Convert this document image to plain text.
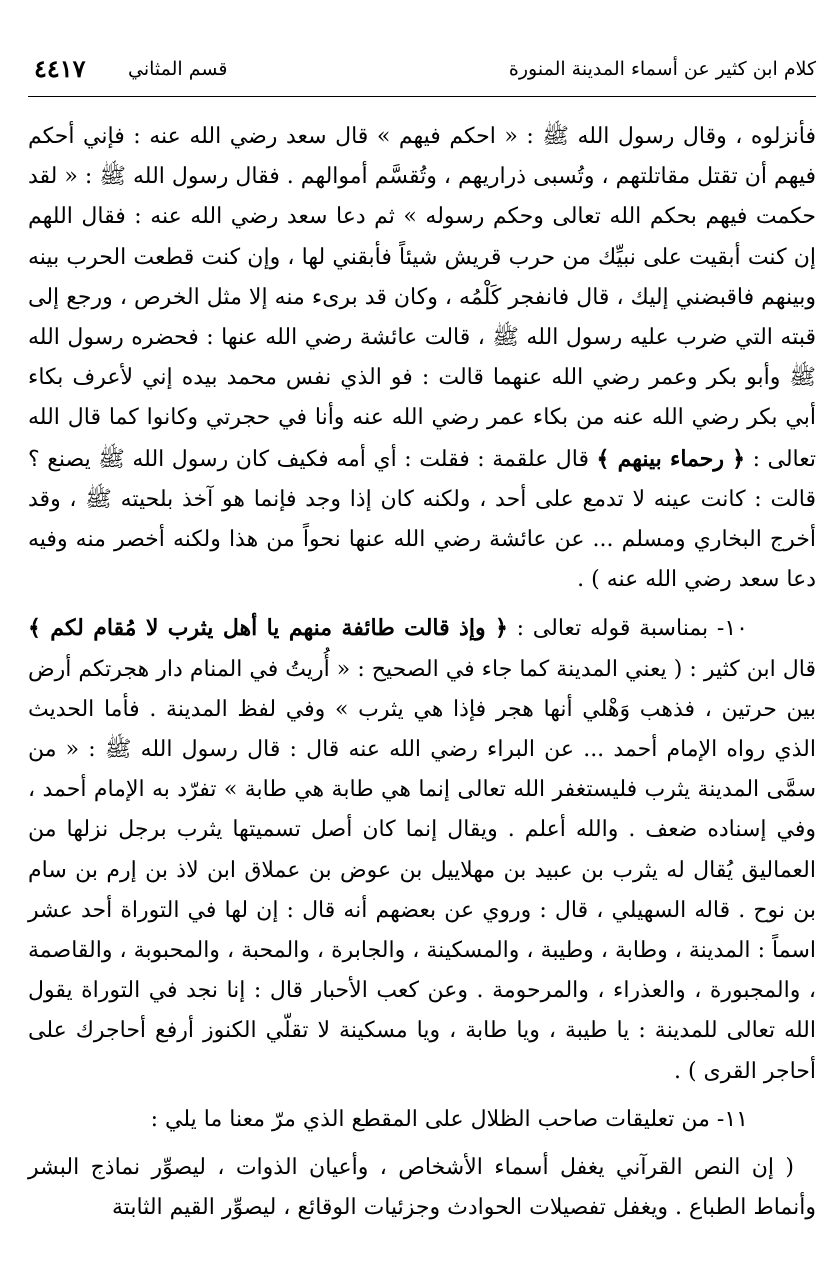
كلام ابن كثير عن أسماء المدينة المنورة
قسم المثاني
٤٤١٧

فأنزلوه ، وقال رسول الله ﷺ : « احكم فيهم » قال سعد رضي الله عنه : فإني أحكم فيهم أن تقتل مقاتلتهم ، وتُسبى ذراريهم ، وتُقسَّم أموالهم . فقال رسول الله ﷺ : « لقد حكمت فيهم بحكم الله تعالى وحكم رسوله » ثم دعا سعد رضي الله عنه : فقال اللهم إن كنت أبقيت على نبيِّك من حرب قريش شيئاً فأبقني لها ، وإن كنت قطعت الحرب بينه وبينهم فاقبضني إليك ، قال فانفجر كَلْمُه ، وكان قد برىء منه إلا مثل الخرص ، ورجع إلى قبته التي ضرب عليه رسول الله ﷺ ، قالت عائشة رضي الله عنها : فحضره رسول الله ﷺ وأبو بكر وعمر رضي الله عنهما قالت : فو الذي نفس محمد بيده إني لأعرف بكاء أبي بكر رضي الله عنه من بكاء عمر رضي الله عنه وأنا في حجرتي وكانوا كما قال الله تعالى : ﴿ رحماء بينهم ﴾ قال علقمة : فقلت : أي أمه فكيف كان رسول الله ﷺ يصنع ؟ قالت : كانت عينه لا تدمع على أحد ، ولكنه كان إذا وجد فإنما هو آخذ بلحيته ﷺ ، وقد أخرج البخاري ومسلم ... عن عائشة رضي الله عنها نحواً من هذا ولكنه أخصر منه وفيه دعا سعد رضي الله عنه ) .

١٠- بمناسبة قوله تعالى : ﴿ وإذ قالت طائفة منهم يا أهل يثرب لا مُقام لكم ﴾ قال ابن كثير : ( يعني المدينة كما جاء في الصحيح : « أُريتُ في المنام دار هجرتكم أرض بين حرتين ، فذهب وَهْلي أنها هجر فإذا هي يثرب » وفي لفظ المدينة . فأما الحديث الذي رواه الإمام أحمد ... عن البراء رضي الله عنه قال : قال رسول الله ﷺ : « من سمَّى المدينة يثرب فليستغفر الله تعالى إنما هي طابة هي طابة » تفرّد به الإمام أحمد ، وفي إسناده ضعف . والله أعلم . ويقال إنما كان أصل تسميتها يثرب برجل نزلها من العماليق يُقال له يثرب بن عبيد بن مهلاييل بن عوض بن عملاق ابن لاذ بن إرم بن سام بن نوح . قاله السهيلي ، قال : وروي عن بعضهم أنه قال : إن لها في التوراة أحد عشر اسماً : المدينة ، وطابة ، وطيبة ، والمسكينة ، والجابرة ، والمحبة ، والمحبوبة ، والقاصمة ، والمجبورة ، والعذراء ، والمرحومة . وعن كعب الأحبار قال : إنا نجد في التوراة يقول الله تعالى للمدينة : يا طيبة ، ويا طابة ، ويا مسكينة لا تقلّي الكنوز أرفع أحاجرك على أحاجر القرى ) .

١١- من تعليقات صاحب الظلال على المقطع الذي مرّ معنا ما يلي :

( إن النص القرآني يغفل أسماء الأشخاص ، وأعيان الذوات ، ليصوِّر نماذج البشر وأنماط الطباع . ويغفل تفصيلات الحوادث وجزئيات الوقائع ، ليصوِّر القيم الثابتة
